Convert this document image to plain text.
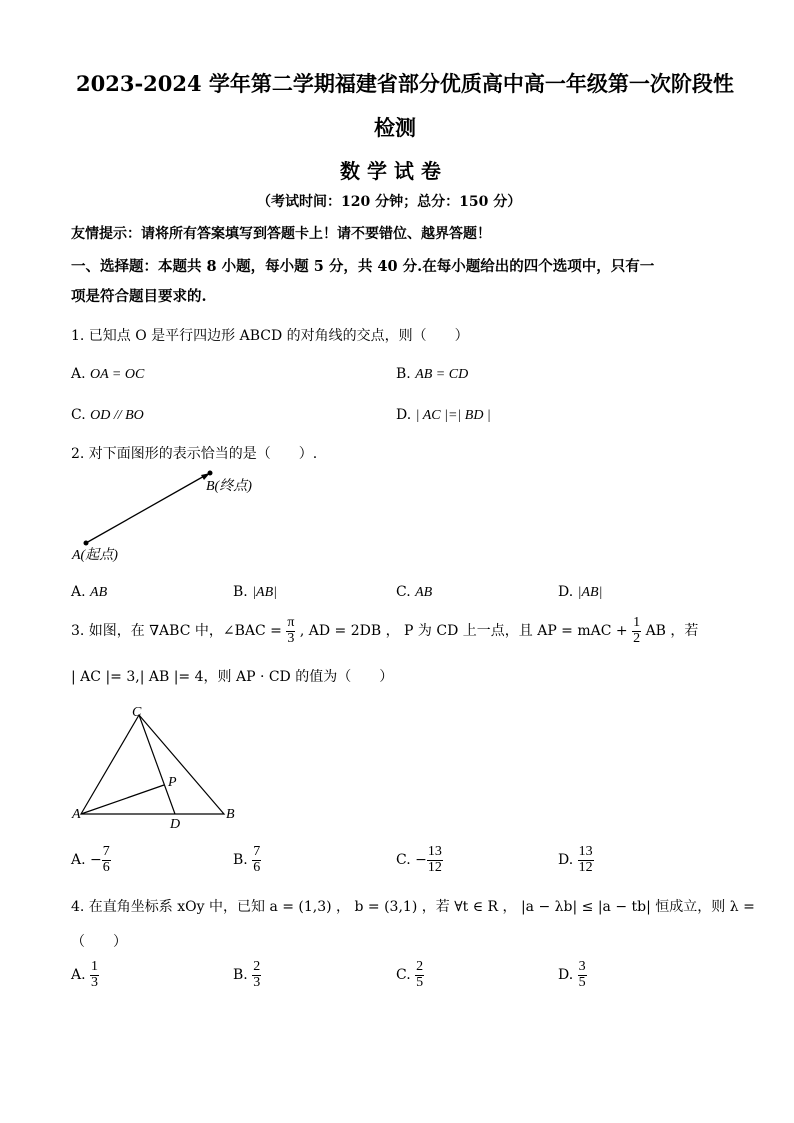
2023-2024 学年第二学期福建省部分优质高中高一年级第一次阶段性
检测
数 学 试 卷
（考试时间：120 分钟；总分：150 分）
友情提示：请将所有答案填写到答题卡上！请不要错位、越界答题！
一、选择题：本题共 8 小题，每小题 5 分，共 40 分.在每小题给出的四个选项中，只有一
项是符合题目要求的.
1. 已知点 O 是平行四边形 ABCD 的对角线的交点，则（　　）
A. OA = OC	B. AB = CD
C. OD // BO	D. | AC |=| BD |
2. 对下面图形的表示恰当的是（　　）.
B(终点)
A(起点)
A. AB	B. |AB|	C. AB	D. |AB|
3. 如图，在 ∇ABC 中，∠BAC = $\frac{\pi}{3}$ , AD = 2DB ， P 为 CD 上一点，且 AP = mAC + $\frac{1}{2}$ AB ，若
| AC |= 3,| AB |= 4，则 AP · CD 的值为（　　）
C
P
A
D
B
A. − $\frac{7}{6}$	B. $\frac{7}{6}$	C. − $\frac{13}{12}$	D. $\frac{13}{12}$
4. 在直角坐标系 xOy 中，已知 a = (1,3) ， b = (3,1) ，若 ∀t ∈ R ， |a − λb| ≤ |a − tb| 恒成立，则 λ =
（　　）
A. $\frac{1}{3}$	B. $\frac{2}{3}$	C. $\frac{2}{5}$	D. $\frac{3}{5}$
